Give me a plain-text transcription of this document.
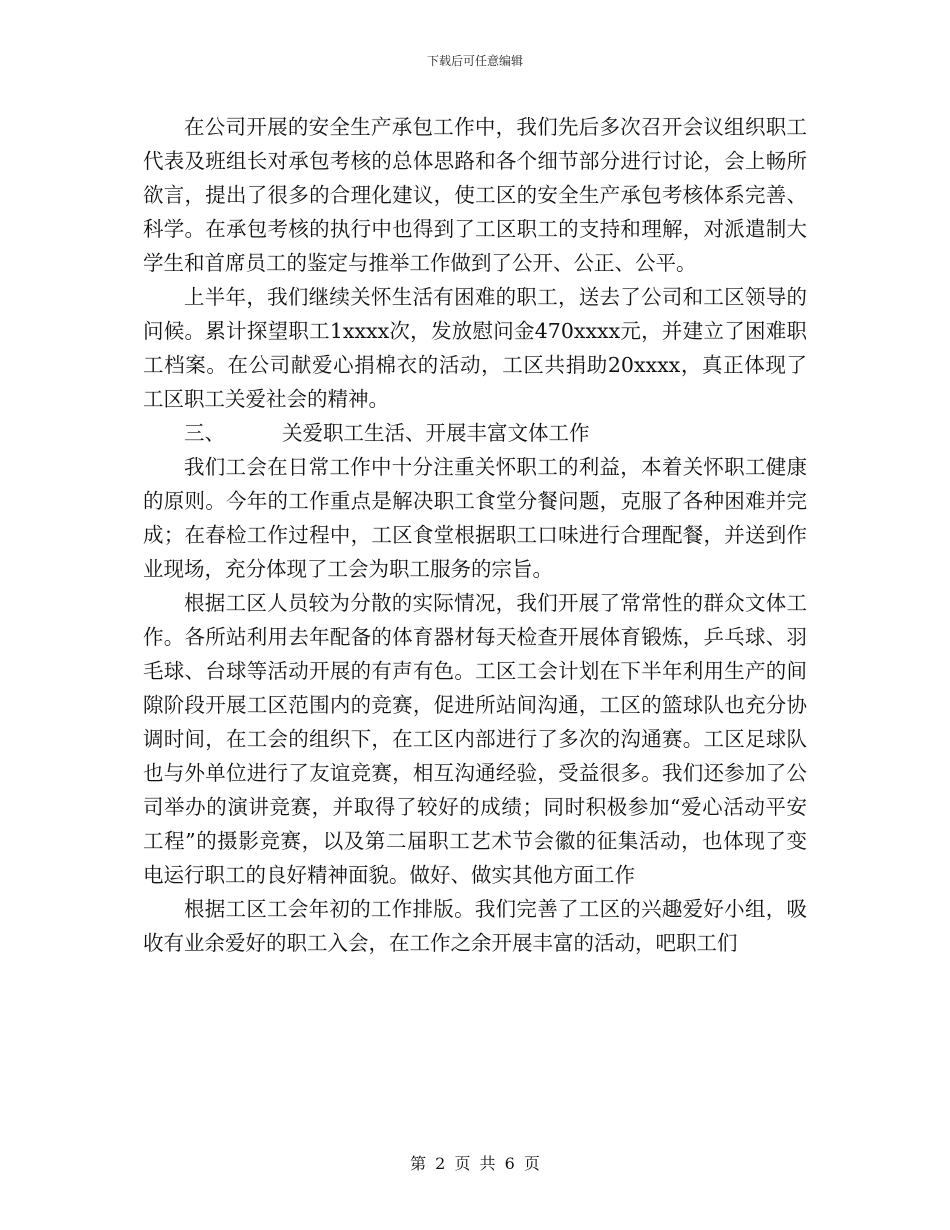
下载后可任意编辑

在公司开展的安全生产承包工作中，我们先后多次召开会议组织职工代表及班组长对承包考核的总体思路和各个细节部分进行讨论，会上畅所欲言，提出了很多的合理化建议，使工区的安全生产承包考核体系完善、科学。在承包考核的执行中也得到了工区职工的支持和理解，对派遣制大学生和首席员工的鉴定与推举工作做到了公开、公正、公平。

上半年，我们继续关怀生活有困难的职工，送去了公司和工区领导的问候。累计探望职工1xxxx次，发放慰问金470xxxx元，并建立了困难职工档案。在公司献爱心捐棉衣的活动，工区共捐助20xxxx，真正体现了工区职工关爱社会的精神。

三、	关爱职工生活、开展丰富文体工作

我们工会在日常工作中十分注重关怀职工的利益，本着关怀职工健康的原则。今年的工作重点是解决职工食堂分餐问题，克服了各种困难并完成；在春检工作过程中，工区食堂根据职工口味进行合理配餐，并送到作业现场，充分体现了工会为职工服务的宗旨。

根据工区人员较为分散的实际情况，我们开展了常常性的群众文体工作。各所站利用去年配备的体育器材每天检查开展体育锻炼，乒乓球、羽毛球、台球等活动开展的有声有色。工区工会计划在下半年利用生产的间隙阶段开展工区范围内的竞赛，促进所站间沟通，工区的篮球队也充分协调时间，在工会的组织下，在工区内部进行了多次的沟通赛。工区足球队也与外单位进行了友谊竞赛，相互沟通经验，受益很多。我们还参加了公司举办的演讲竞赛，并取得了较好的成绩；同时积极参加“爱心活动平安工程”的摄影竞赛，以及第二届职工艺术节会徽的征集活动，也体现了变电运行职工的良好精神面貌。做好、做实其他方面工作

根据工区工会年初的工作排版。我们完善了工区的兴趣爱好小组，吸收有业余爱好的职工入会，在工作之余开展丰富的活动，吧职工们

第 2 页 共 6 页
